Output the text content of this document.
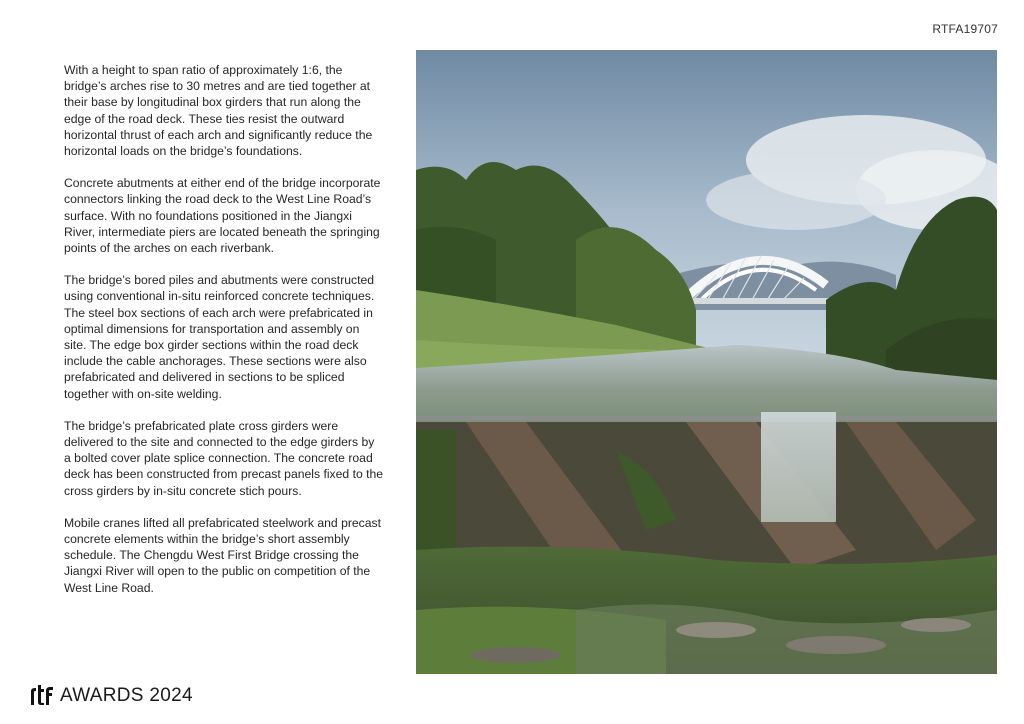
RTFA19707

With a height to span ratio of approximately 1:6, the bridge’s arches rise to 30 metres and are tied together at their base by longitudinal box girders that run along the edge of the road deck. These ties resist the outward horizontal thrust of each arch and significantly reduce the horizontal loads on the bridge’s foundations.

Concrete abutments at either end of the bridge incorporate connectors linking the road deck to the West Line Road’s surface. With no foundations positioned in the Jiangxi River, intermediate piers are located beneath the springing points of the arches on each riverbank.

The bridge’s bored piles and abutments were constructed using conventional in-situ reinforced concrete techniques. The steel box sections of each arch were prefabricated in optimal dimensions for transportation and assembly on site. The edge box girder sections within the road deck include the cable anchorages. These sections were also prefabricated and delivered in sections to be spliced together with on-site welding.

The bridge’s prefabricated plate cross girders were delivered to the site and connected to the edge girders by a bolted cover plate splice connection. The concrete road deck has been constructed from precast panels fixed to the cross girders by in-situ concrete stich pours.

Mobile cranes lifted all prefabricated steelwork and precast concrete elements within the bridge’s short assembly schedule. The Chengdu West First Bridge crossing the Jiangxi River will open to the public on competition of the West Line Road.

AWARDS 2024
